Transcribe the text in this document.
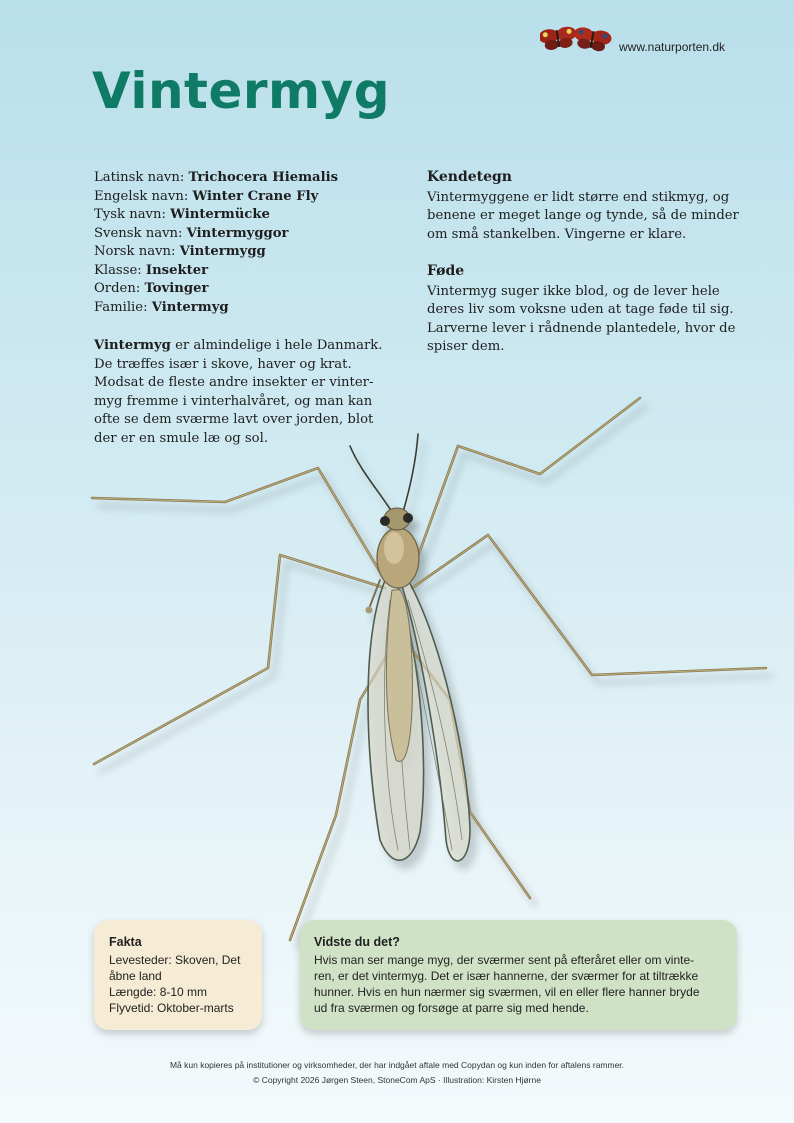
www.naturporten.dk
Vintermyg
Latinsk navn: Trichocera Hiemalis
Engelsk navn: Winter Crane Fly
Tysk navn: Wintermücke
Svensk navn: Vintermyggor
Norsk navn: Vintermygg
Klasse: Insekter
Orden: Tovinger
Familie: Vintermyg
Vintermyg er almindelige i hele Danmark.
De træffes især i skove, haver og krat.
Modsat de fleste andre insekter er vinter-
myg fremme i vinterhalvåret, og man kan
ofte se dem sværme lavt over jorden, blot
der er en smule læ og sol.
Kendetegn
Vintermyggene er lidt større end stikmyg, og
benene er meget lange og tynde, så de minder
om små stankelben. Vingerne er klare.
Føde
Vintermyg suger ikke blod, og de lever hele
deres liv som voksne uden at tage føde til sig.
Larverne lever i rådnende plantedele, hvor de
spiser dem.
Fakta
Levesteder: Skoven, Det
åbne land
Længde: 8-10 mm
Flyvetid: Oktober-marts
Vidste du det?
Hvis man ser mange myg, der sværmer sent på efteråret eller om vinte-
ren, er det vintermyg. Det er især hannerne, der sværmer for at tiltrække
hunner. Hvis en hun nærmer sig sværmen, vil en eller flere hanner bryde
ud fra sværmen og forsøge at parre sig med hende.
Må kun kopieres på institutioner og virksomheder, der har indgået aftale med Copydan og kun inden for aftalens rammer.
© Copyright 2026 Jørgen Steen, StoneCom ApS · Illustration: Kirsten Hjørne
